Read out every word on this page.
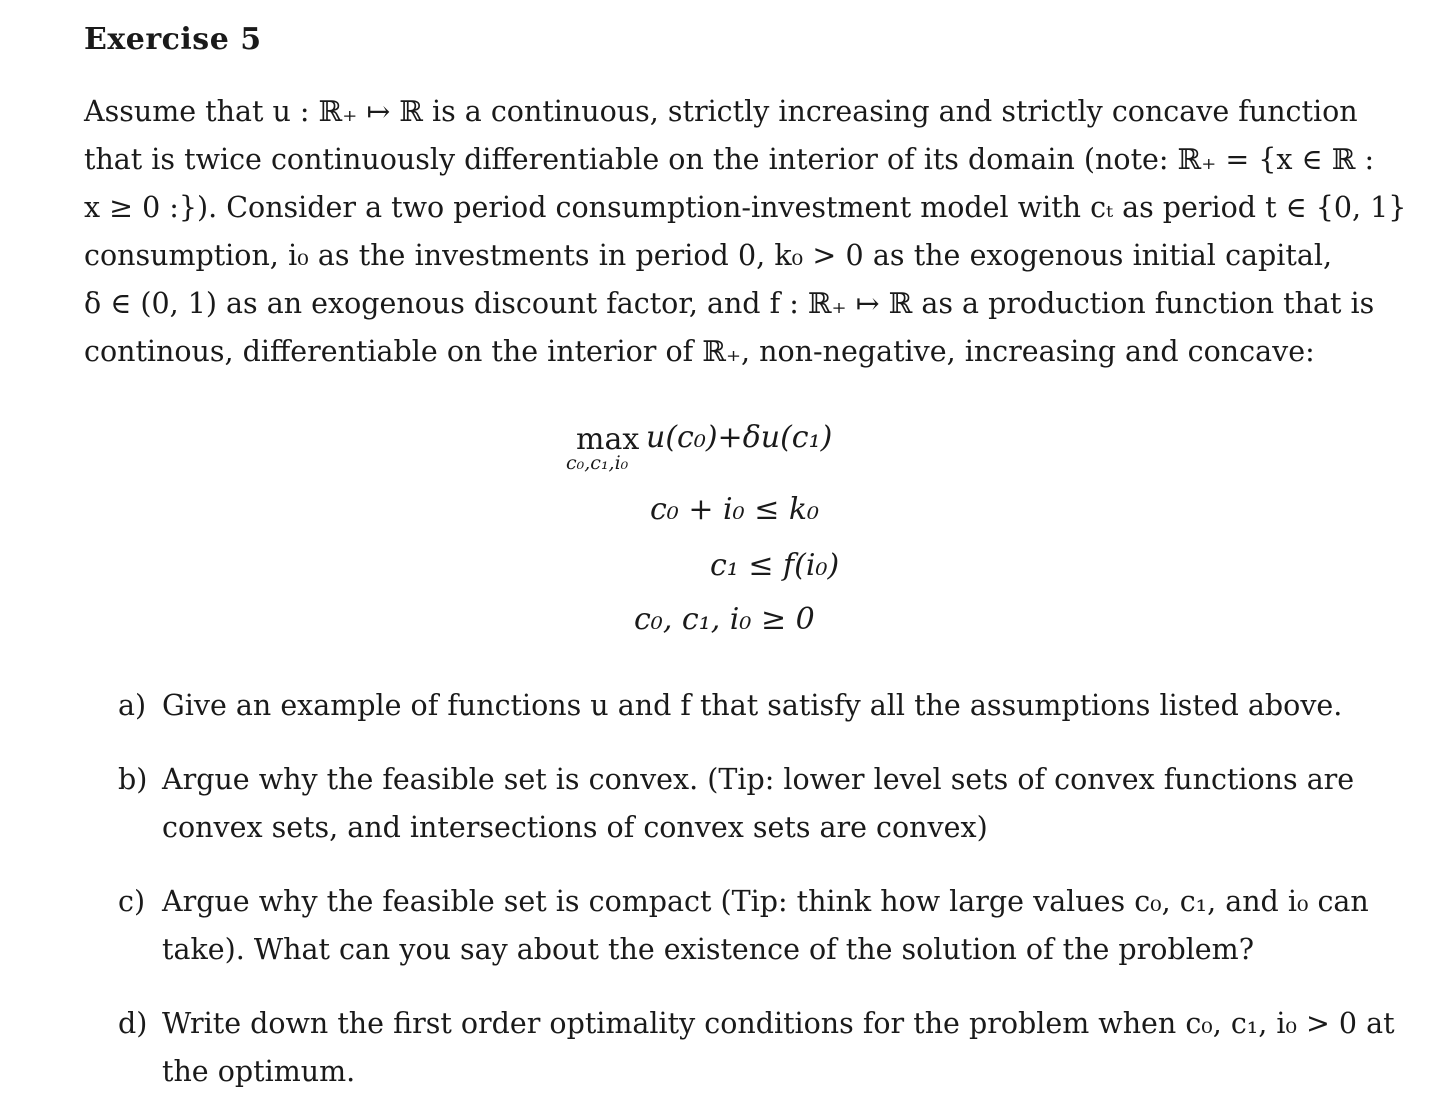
Exercise 5
Assume that u : ℝ₊ ↦ ℝ is a continuous, strictly increasing and strictly concave function
that is twice continuously differentiable on the interior of its domain (note: ℝ₊ = {x ∈ ℝ :
x ≥ 0 :}). Consider a two period consumption-investment model with cₜ as period t ∈ {0, 1}
consumption, i₀ as the investments in period 0, k₀ > 0 as the exogenous initial capital,
δ ∈ (0, 1) as an exogenous discount factor, and f : ℝ₊ ↦ ℝ as a production function that is
continous, differentiable on the interior of ℝ₊, non-negative, increasing and concave:
max
c₀,c₁,i₀
u(c₀)+δu(c₁)
c₀ + i₀ ≤ k₀
c₁ ≤ f(i₀)
c₀, c₁, i₀ ≥ 0
a) Give an example of functions u and f that satisfy all the assumptions listed above.
b) Argue why the feasible set is convex. (Tip: lower level sets of convex functions are
convex sets, and intersections of convex sets are convex)
c) Argue why the feasible set is compact (Tip: think how large values c₀, c₁, and i₀ can
take). What can you say about the existence of the solution of the problem?
d) Write down the first order optimality conditions for the problem when c₀, c₁, i₀ > 0 at
the optimum.
